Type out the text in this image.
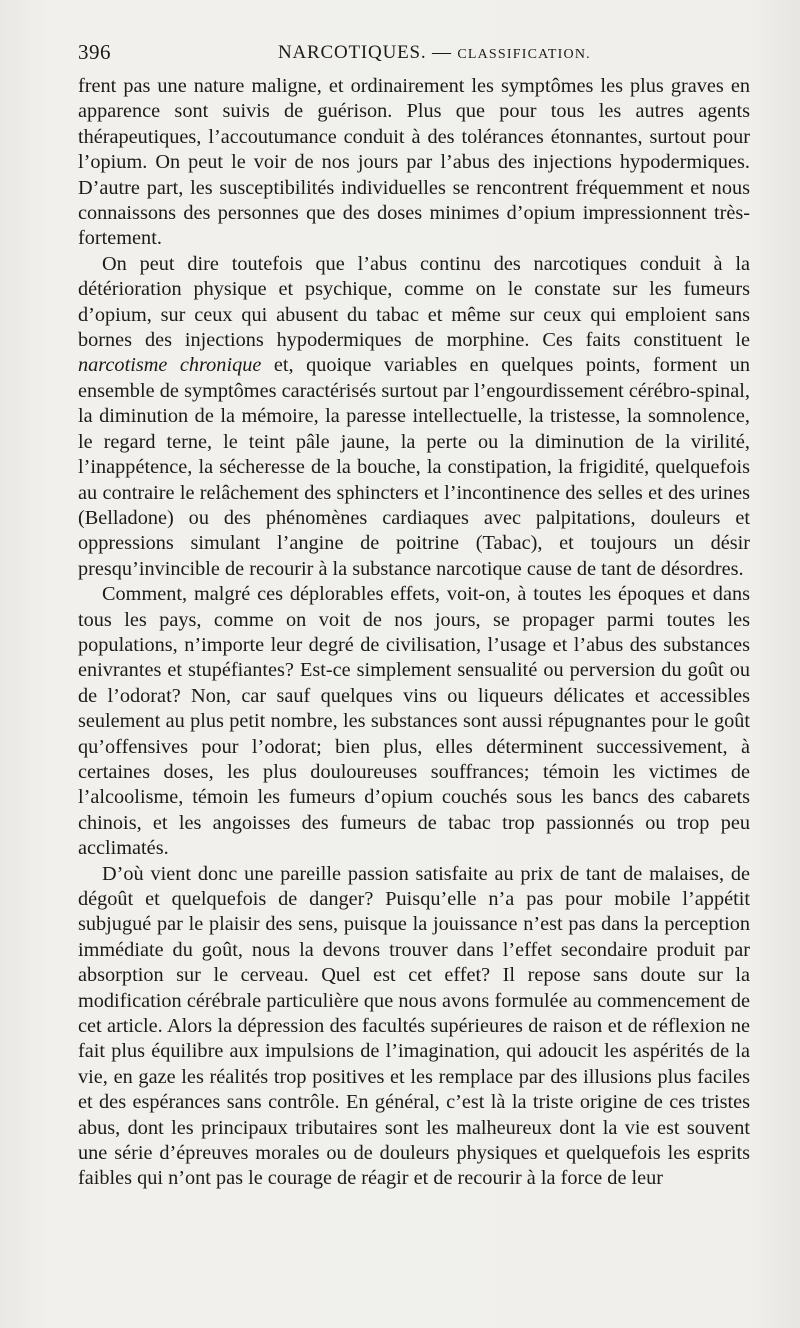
396	NARCOTIQUES. — CLASSIFICATION.

frent pas une nature maligne, et ordinairement les symptômes les plus graves en apparence sont suivis de guérison. Plus que pour tous les autres agents thérapeutiques, l’accoutumance conduit à des tolérances étonnantes, surtout pour l’opium. On peut le voir de nos jours par l’abus des injections hypodermiques. D’autre part, les susceptibilités individuelles se rencontrent fréquemment et nous connaissons des personnes que des doses minimes d’opium impressionnent très-fortement.

On peut dire toutefois que l’abus continu des narcotiques conduit à la détérioration physique et psychique, comme on le constate sur les fumeurs d’opium, sur ceux qui abusent du tabac et même sur ceux qui emploient sans bornes des injections hypodermiques de morphine. Ces faits constituent le narcotisme chronique et, quoique variables en quelques points, forment un ensemble de symptômes caractérisés surtout par l’engourdissement cérébro-spinal, la diminution de la mémoire, la paresse intellectuelle, la tristesse, la somnolence, le regard terne, le teint pâle jaune, la perte ou la diminution de la virilité, l’inappétence, la sécheresse de la bouche, la constipation, la frigidité, quelquefois au contraire le relâchement des sphincters et l’incontinence des selles et des urines (Belladone) ou des phénomènes cardiaques avec palpitations, douleurs et oppressions simulant l’angine de poitrine (Tabac), et toujours un désir presqu’invincible de recourir à la substance narcotique cause de tant de désordres.

Comment, malgré ces déplorables effets, voit-on, à toutes les époques et dans tous les pays, comme on voit de nos jours, se propager parmi toutes les populations, n’importe leur degré de civilisation, l’usage et l’abus des substances enivrantes et stupéfiantes? Est-ce simplement sensualité ou perversion du goût ou de l’odorat? Non, car sauf quelques vins ou liqueurs délicates et accessibles seulement au plus petit nombre, les substances sont aussi répugnantes pour le goût qu’offensives pour l’odorat; bien plus, elles déterminent successivement, à certaines doses, les plus douloureuses souffrances; témoin les victimes de l’alcoolisme, témoin les fumeurs d’opium couchés sous les bancs des cabarets chinois, et les angoisses des fumeurs de tabac trop passionnés ou trop peu acclimatés.

D’où vient donc une pareille passion satisfaite au prix de tant de malaises, de dégoût et quelquefois de danger? Puisqu’elle n’a pas pour mobile l’appétit subjugué par le plaisir des sens, puisque la jouissance n’est pas dans la perception immédiate du goût, nous la devons trouver dans l’effet secondaire produit par absorption sur le cerveau. Quel est cet effet? Il repose sans doute sur la modification cérébrale particulière que nous avons formulée au commencement de cet article. Alors la dépression des facultés supérieures de raison et de réflexion ne fait plus équilibre aux impulsions de l’imagination, qui adoucit les aspérités de la vie, en gaze les réalités trop positives et les remplace par des illusions plus faciles et des espérances sans contrôle. En général, c’est là la triste origine de ces tristes abus, dont les principaux tributaires sont les malheureux dont la vie est souvent une série d’épreuves morales ou de douleurs physiques et quelquefois les esprits faibles qui n’ont pas le courage de réagir et de recourir à la force de leur
